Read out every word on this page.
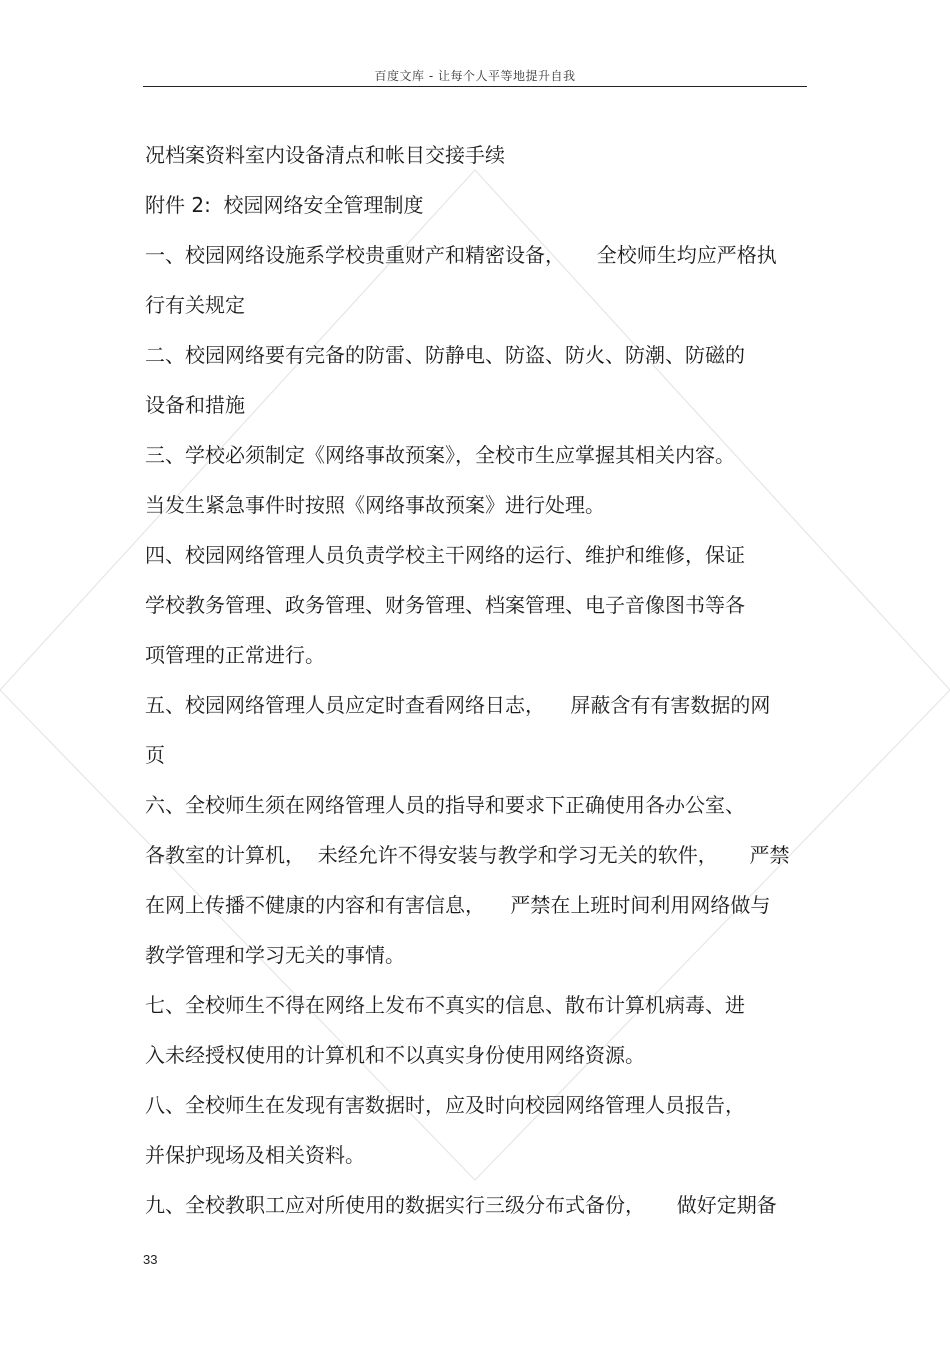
百度文库 - 让每个人平等地提升自我
况档案资料室内设备清点和帐目交接手续
附件 2:  校园网络安全管理制度
一、校园网络设施系学校贵重财产和精密设备，     全校师生均应严格执
行有关规定
二、校园网络要有完备的防雷、防静电、防盗、防火、防潮、防磁的
设备和措施
三、学校必须制定《网络事故预案》，全校市生应掌握其相关内容。
当发生紧急事件时按照《网络事故预案》进行处理。
四、校园网络管理人员负责学校主干网络的运行、维护和维修，保证
学校教务管理、政务管理、财务管理、档案管理、电子音像图书等各
项管理的正常进行。
五、校园网络管理人员应定时查看网络日志，    屏蔽含有有害数据的网
页
六、全校师生须在网络管理人员的指导和要求下正确使用各办公室、
各教室的计算机，  未经允许不得安装与教学和学习无关的软件，     严禁
在网上传播不健康的内容和有害信息，    严禁在上班时间利用网络做与
教学管理和学习无关的事情。
七、全校师生不得在网络上发布不真实的信息、散布计算机病毒、进
入未经授权使用的计算机和不以真实身份使用网络资源。
八、全校师生在发现有害数据时，应及时向校园网络管理人员报告，
并保护现场及相关资料。
九、全校教职工应对所使用的数据实行三级分布式备份，     做好定期备
33
